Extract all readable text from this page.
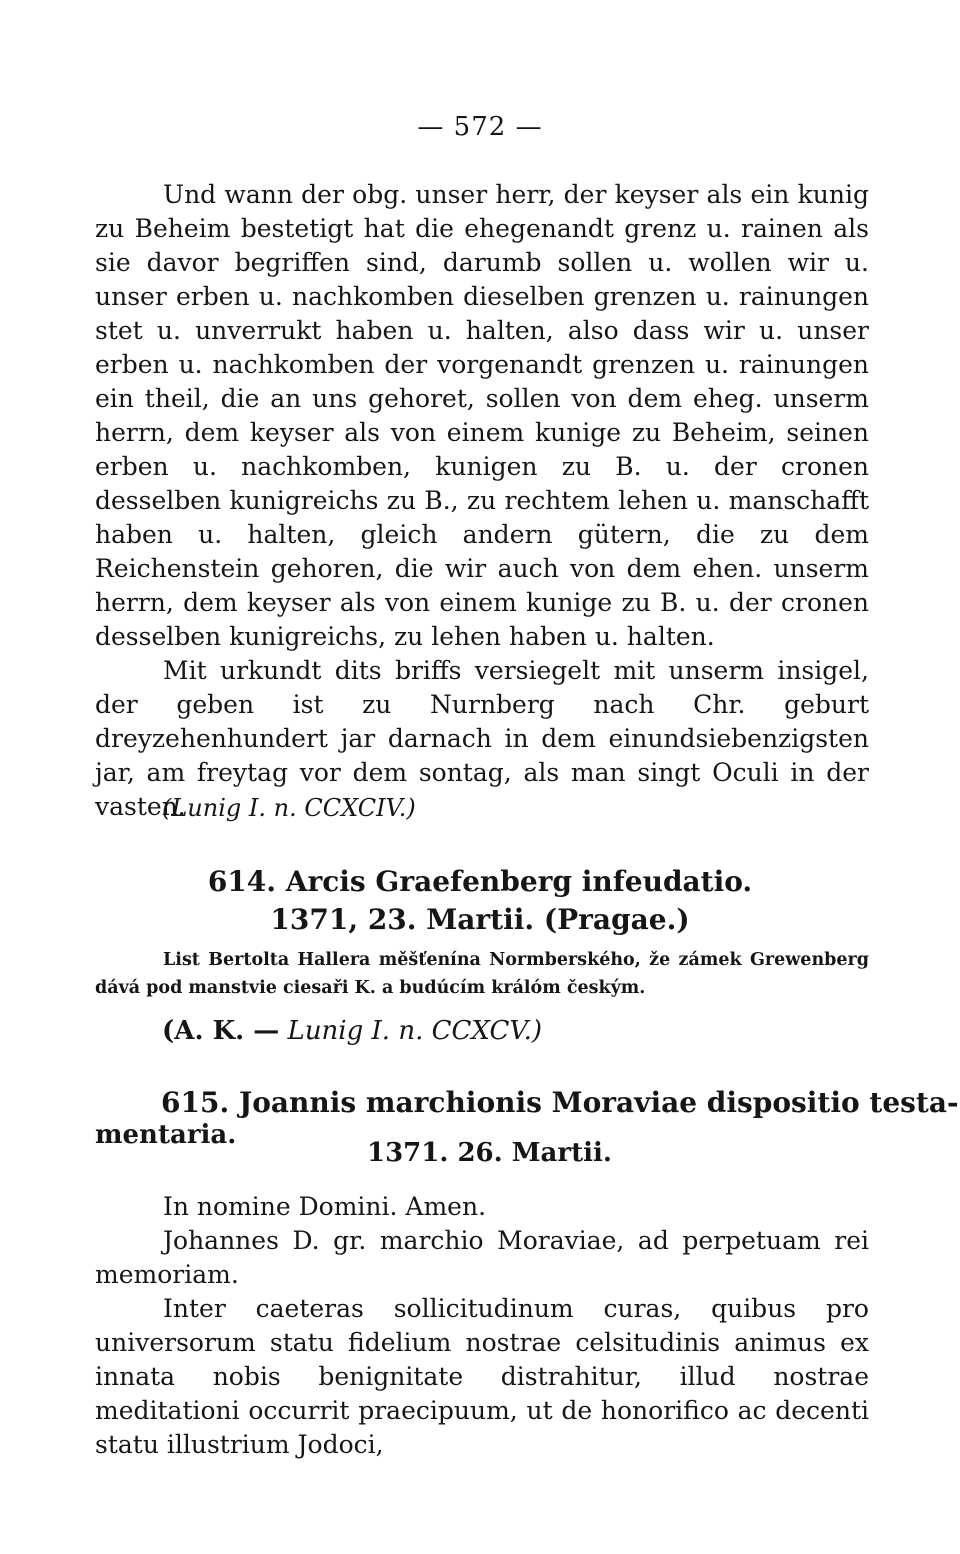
— 572 —

Und wann der obg. unser herr, der keyser als ein kunig zu Beheim bestetigt hat die ehegenandt grenz u. rainen als sie davor begriffen sind, darumb sollen u. wollen wir u. unser erben u. nachkomben dieselben grenzen u. rainungen stet u. unverrukt haben u. halten, also dass wir u. unser erben u. nachkomben der vorgenandt grenzen u. rainungen ein theil, die an uns gehoret, sollen von dem eheg. unserm herrn, dem keyser als von einem kunige zu Beheim, seinen erben u. nachkomben, kunigen zu B. u. der cronen desselben kunigreichs zu B., zu rechtem lehen u. manschafft haben u. halten, gleich andern gütern, die zu dem Reichenstein gehoren, die wir auch von dem ehen. unserm herrn, dem keyser als von einem kunige zu B. u. der cronen desselben kunigreichs, zu lehen haben u. halten.

Mit urkundt dits briffs versiegelt mit unserm insigel, der geben ist zu Nurnberg nach Chr. geburt dreyzehenhundert jar darnach in dem einundsiebenzigsten jar, am freytag vor dem sontag, als man singt Oculi in der vasten.

(Lunig I. n. CCXCIV.)
614. Arcis Graefenberg infeudatio.
1371, 23. Martii. (Pragae.)

List Bertolta Hallera měšťenína Normberského, že zámek Grewenberg dává pod manstvie ciesaři K. a budúcím králóm českým.

(A. K. — Lunig I. n. CCXCV.)
615. Joannis marchionis Moraviae dispositio testa-
mentaria.
1371. 26. Martii.

In nomine Domini. Amen.

Johannes D. gr. marchio Moraviae, ad perpetuam rei memoriam.

Inter caeteras sollicitudinum curas, quibus pro universorum statu fidelium nostrae celsitudinis animus ex innata nobis benignitate distrahitur, illud nostrae meditationi occurrit praecipuum, ut de honorifico ac decenti statu illustrium Jodoci,
